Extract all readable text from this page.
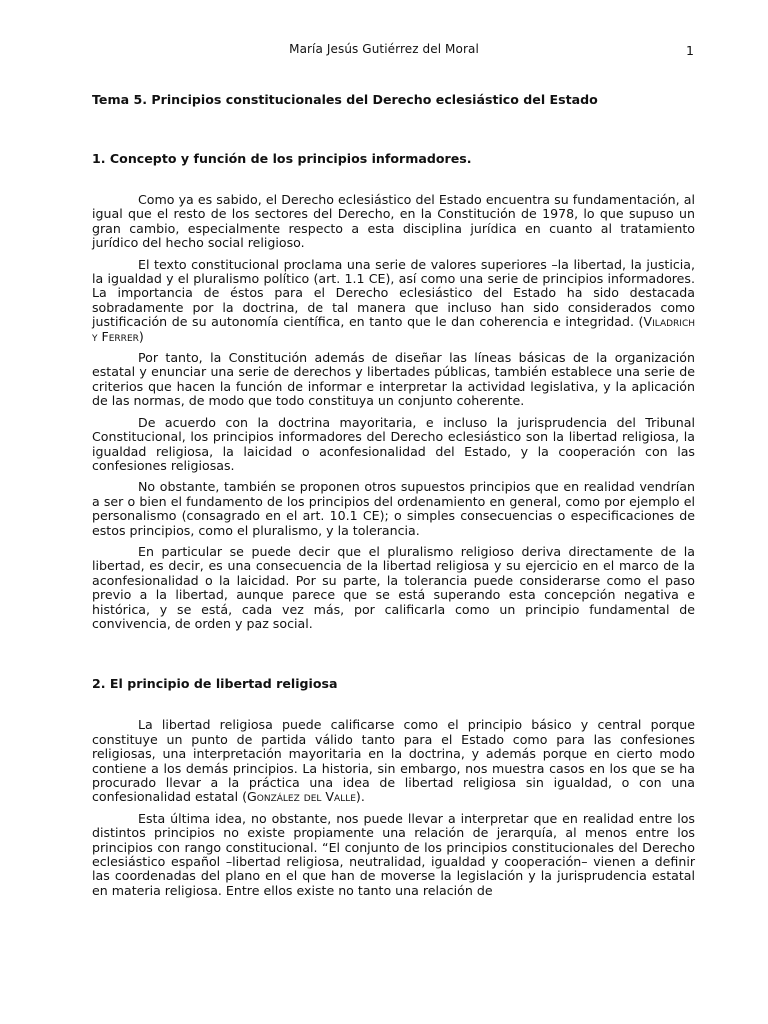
María Jesús Gutiérrez del Moral	1
Tema 5. Principios constitucionales del Derecho eclesiástico del Estado
1. Concepto y función de los principios informadores.

Como ya es sabido, el Derecho eclesiástico del Estado encuentra su fundamentación, al igual que el resto de los sectores del Derecho, en la Constitución de 1978, lo que supuso un gran cambio, especialmente respecto a esta disciplina jurídica en cuanto al tratamiento jurídico del hecho social religioso.

El texto constitucional proclama una serie de valores superiores –la libertad, la justicia, la igualdad y el pluralismo político (art. 1.1 CE), así como una serie de principios informadores. La importancia de éstos para el Derecho eclesiástico del Estado ha sido destacada sobradamente por la doctrina, de tal manera que incluso han sido considerados como justificación de su autonomía científica, en tanto que le dan coherencia e integridad. (Viladrich y Ferrer)

Por tanto, la Constitución además de diseñar las líneas básicas de la organización estatal y enunciar una serie de derechos y libertades públicas, también establece una serie de criterios que hacen la función de informar e interpretar la actividad legislativa, y la aplicación de las normas, de modo que todo constituya un conjunto coherente.

De acuerdo con la doctrina mayoritaria, e incluso la jurisprudencia del Tribunal Constitucional, los principios informadores del Derecho eclesiástico son la libertad religiosa, la igualdad religiosa, la laicidad o aconfesionalidad del Estado, y la cooperación con las confesiones religiosas.

No obstante, también se proponen otros supuestos principios que en realidad vendrían a ser o bien el fundamento de los principios del ordenamiento en general, como por ejemplo el personalismo (consagrado en el art. 10.1 CE); o simples consecuencias o especificaciones de estos principios, como el pluralismo, y la tolerancia.

En particular se puede decir que el pluralismo religioso deriva directamente de la libertad, es decir, es una consecuencia de la libertad religiosa y su ejercicio en el marco de la aconfesionalidad o la laicidad. Por su parte, la tolerancia puede considerarse como el paso previo a la libertad, aunque parece que se está superando esta concepción negativa e histórica, y se está, cada vez más, por calificarla como un principio fundamental de convivencia, de orden y paz social.

2. El principio de libertad religiosa

La libertad religiosa puede calificarse como el principio básico y central porque constituye un punto de partida válido tanto para el Estado como para las confesiones religiosas, una interpretación mayoritaria en la doctrina, y además porque en cierto modo contiene a los demás principios. La historia, sin embargo, nos muestra casos en los que se ha procurado llevar a la práctica una idea de libertad religiosa sin igualdad, o con una confesionalidad estatal (González del Valle).

Esta última idea, no obstante, nos puede llevar a interpretar que en realidad entre los distintos principios no existe propiamente una relación de jerarquía, al menos entre los principios con rango constitucional. “El conjunto de los principios constitucionales del Derecho eclesiástico español –libertad religiosa, neutralidad, igualdad y cooperación– vienen a definir las coordenadas del plano en el que han de moverse la legislación y la jurisprudencia estatal en materia religiosa. Entre ellos existe no tanto una relación de
